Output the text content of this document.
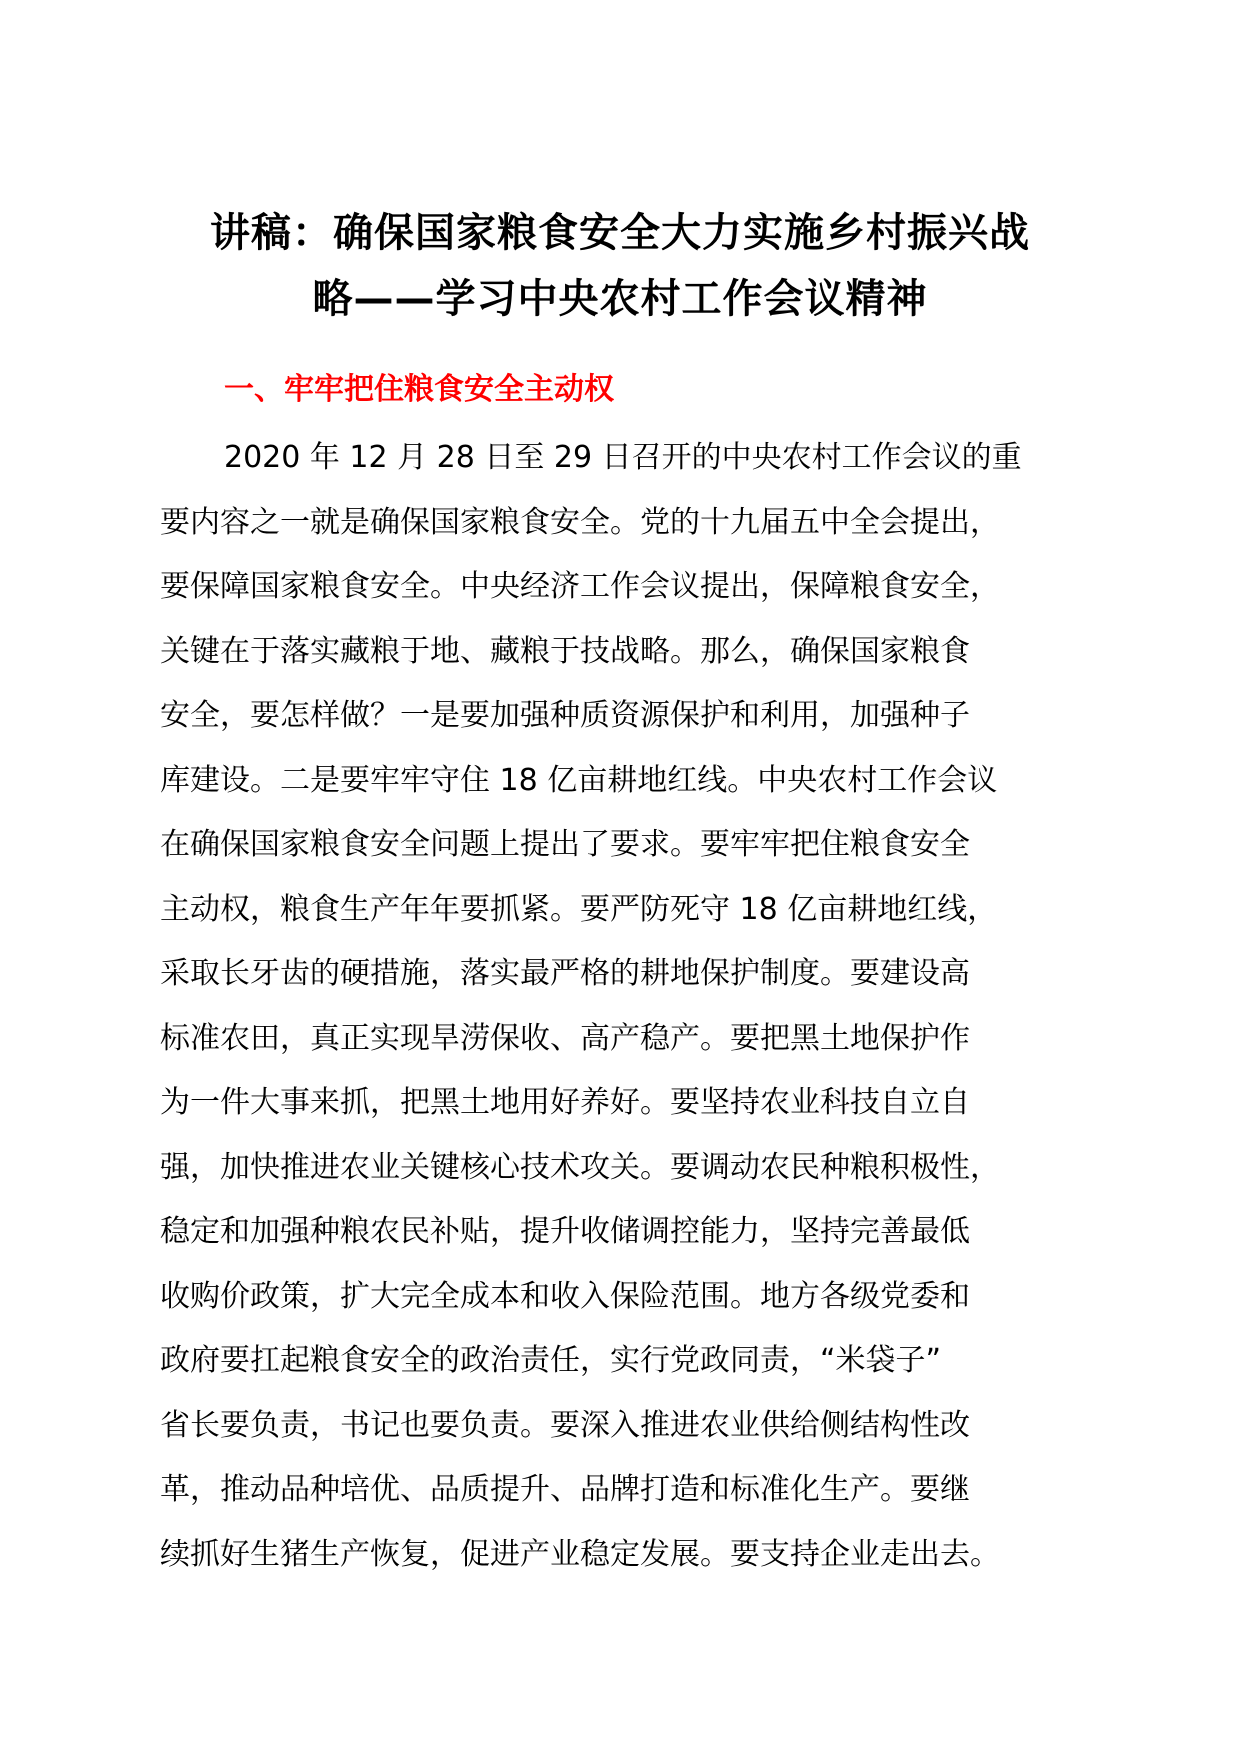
讲稿：确保国家粮食安全大力实施乡村振兴战
略——学习中央农村工作会议精神
一、牢牢把住粮食安全主动权
2020 年 12 月 28 日至 29 日召开的中央农村工作会议的重
要内容之一就是确保国家粮食安全。党的十九届五中全会提出，
要保障国家粮食安全。中央经济工作会议提出，保障粮食安全，
关键在于落实藏粮于地、藏粮于技战略。那么，确保国家粮食
安全，要怎样做？一是要加强种质资源保护和利用，加强种子
库建设。二是要牢牢守住 18 亿亩耕地红线。中央农村工作会议
在确保国家粮食安全问题上提出了要求。要牢牢把住粮食安全
主动权，粮食生产年年要抓紧。要严防死守 18 亿亩耕地红线，
采取长牙齿的硬措施，落实最严格的耕地保护制度。要建设高
标准农田，真正实现旱涝保收、高产稳产。要把黑土地保护作
为一件大事来抓，把黑土地用好养好。要坚持农业科技自立自
强，加快推进农业关键核心技术攻关。要调动农民种粮积极性，
稳定和加强种粮农民补贴，提升收储调控能力，坚持完善最低
收购价政策，扩大完全成本和收入保险范围。地方各级党委和
政府要扛起粮食安全的政治责任，实行党政同责，“米袋子”
省长要负责，书记也要负责。要深入推进农业供给侧结构性改
革，推动品种培优、品质提升、品牌打造和标准化生产。要继
续抓好生猪生产恢复，促进产业稳定发展。要支持企业走出去。
